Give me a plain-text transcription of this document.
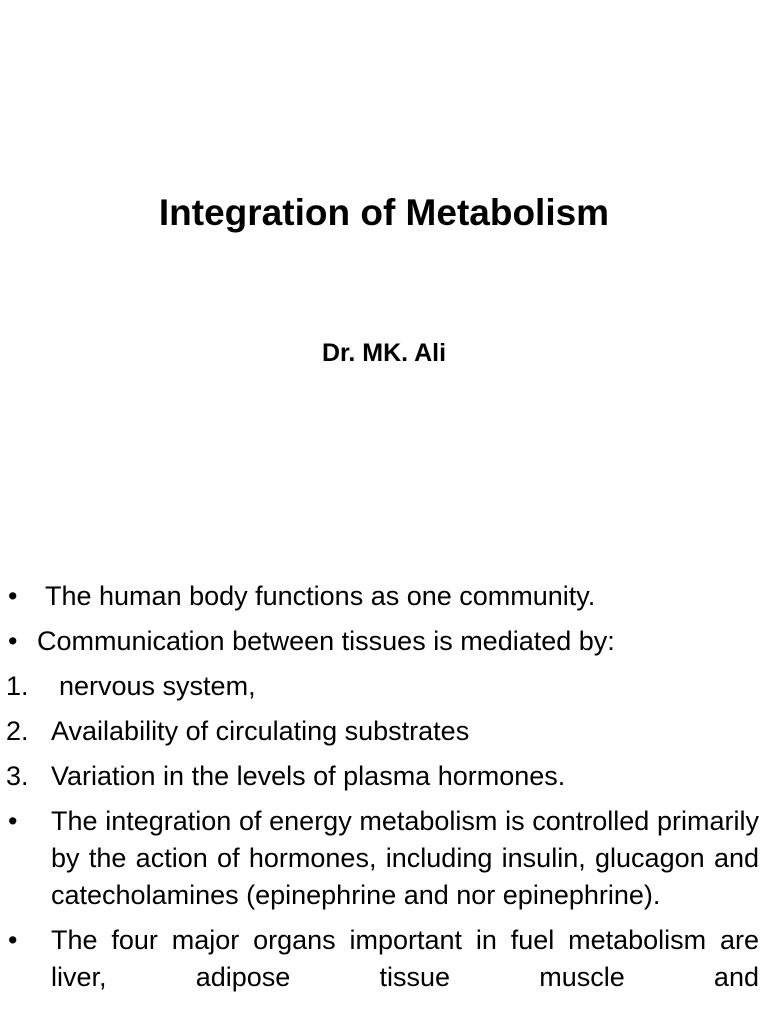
Integration of Metabolism

Dr. MK. Ali

•	The human body functions as one community.
• Communication between tissues is mediated by:
1.	nervous system,
2. Availability of circulating substrates
3. Variation in the levels of plasma hormones.
• The integration of energy metabolism is controlled primarily by the action of hormones, including insulin, glucagon and catecholamines (epinephrine and nor epinephrine).
• The four major organs important in fuel metabolism are liver, adipose tissue muscle and
